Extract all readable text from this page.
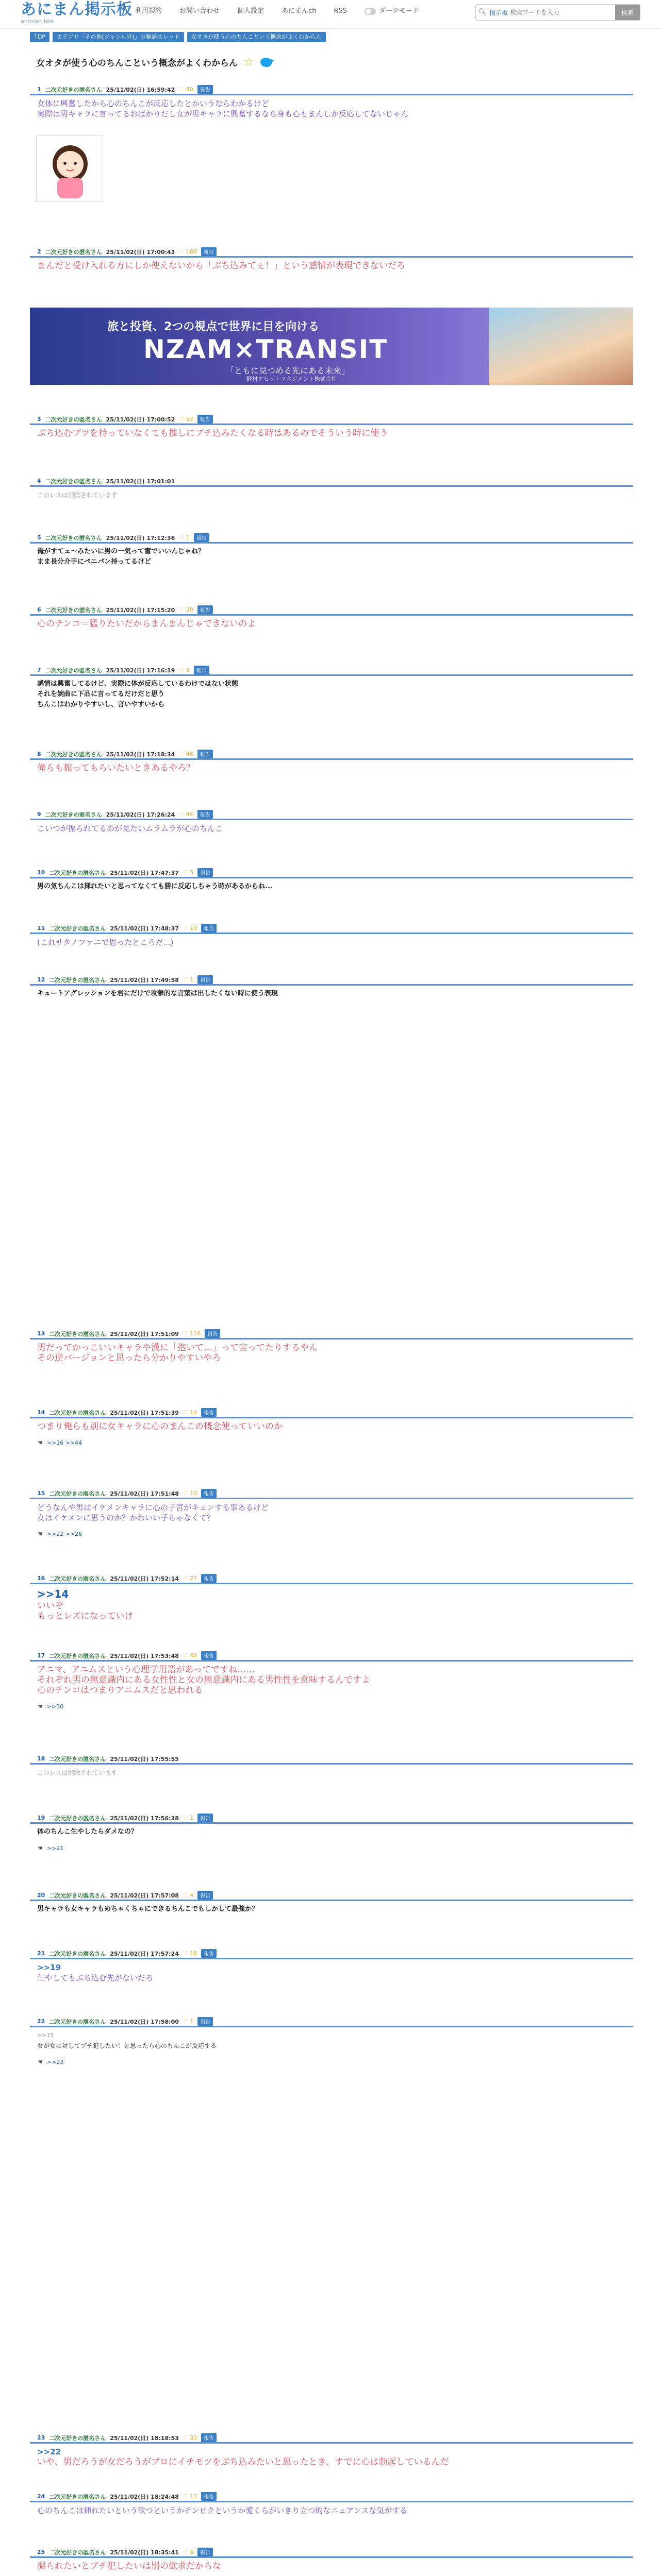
あにまん掲示板
animan bbs
利用規約	お問い合わせ	個人設定	あにまんch	RSS	ダークモード	🔍︎ 掲示板
検索ワードを入力	検索
TOP	カテゴリ「その他(ジャンル外)」の雑談スレッド	女オタが使う心のちんこという概念がよくわからん
女オタが使う心のちんこという概念がよくわからん ☆
1 二次元好きの匿名さん 25/11/02(日) 16:59:42 ♡ 40	報告
女体に興奮したから心のちんこが反応したとかいうならわかるけど
実際は男キャラに言ってるおばかりだし女が男キャラに興奮するなら身も心もまんしか反応してないじゃん
2 二次元好きの匿名さん 25/11/02(日) 17:00:43 ♡ 168	報告
まんだと受け入れる方にしか使えないから「ぶち込みてぇ！」という感情が表現できないだろ
旅と投資、2つの視点で世界に目を向ける
NZAM×TRANSIT
「ともに見つめる先にある未来」
野村アセットマネジメント株式会社
3 二次元好きの匿名さん 25/11/02(日) 17:00:52 ♡ 53	報告
ぶち込むブツを持っていなくても推しにブチ込みたくなる時はあるのでそういう時に使う
4 二次元好きの匿名さん 25/11/02(日) 17:01:01
このレスは削除されています
5 二次元好きの匿名さん 25/11/02(日) 17:12:36 ♡ 1	報告
俺がすてェ～みたいに男の一気って奮でいいんじゃね？
まま長分介手にペニパン持ってるけど
6 二次元好きの匿名さん 25/11/02(日) 17:15:20 ♡ 30	報告
心のチンコ＝猛りたいだからまんまんじゃできないのよ
7 二次元好きの匿名さん 25/11/02(日) 17:16:19 ♡ 3	報告
感情は興奮してるけど、実際に体が反応しているわけではない状態
それを婉曲に下品に言ってるだけだと思う
ちんこはわかりやすいし、言いやすいから
8 二次元好きの匿名さん 25/11/02(日) 17:18:34 ♡ 48	報告
俺らも振ってもらいたいときあるやろ？
9 二次元好きの匿名さん 25/11/02(日) 17:26:24 ♡ 44	報告
こいつが振られてるのが見たいムラムラが心のちんこ
10 二次元好きの匿名さん 25/11/02(日) 17:47:37 ♡ 5	報告
男の気ちんこは揮れたいと思ってなくても勝に反応しちゃう時があるからね...
11 二次元好きの匿名さん 25/11/02(日) 17:48:37 ♡ 19	報告
(これサタノファニで思ったところだ...)
12 二次元好きの匿名さん 25/11/02(日) 17:49:58 ♡ 1	報告
キュートアグレッションを君にだけで攻撃的な言葉は出したくない時に使う表現
13 二次元好きの匿名さん 25/11/02(日) 17:51:09 ♡ 116	報告
男だってかっこいいキャラや漢に「抱いて…」って言ってたりするやん
その逆バージョンと思ったら分かりやすいやろ
14 二次元好きの匿名さん 25/11/02(日) 17:51:39 ♡ 14	報告
つまり俺らも別に女キャラに心のまんこの概念使っていいのか
☚ >>16 >>44
15 二次元好きの匿名さん 25/11/02(日) 17:51:48 ♡ 10	報告
どうなんや男はイケメンキャラに心の子宮がキュンする事あるけど
女はイケメンに思うのか？かわいい子ちゃなくて？
☚ >>22 >>26
16 二次元好きの匿名さん 25/11/02(日) 17:52:14 ♡ 27	報告
>>14
いいぞ
もっとレズになっていけ
17 二次元好きの匿名さん 25/11/02(日) 17:53:48 ♡ 40	報告
アニマ、アニムスという心理学用語があってですね……
それぞれ男の無意識内にある女性性と女の無意識内にある男性性を意味するんですよ
心のチンコはつまりアニムスだと思われる
☚ >>30
18 二次元好きの匿名さん 25/11/02(日) 17:55:55
このレスは削除されています
19 二次元好きの匿名さん 25/11/02(日) 17:56:38 ♡ 1	報告
体のちんこ生やしたらダメなの？
☚ >>21
20 二次元好きの匿名さん 25/11/02(日) 17:57:08 ♡ 4	報告
男キャラも女キャラもめちゃくちゃにできるちんこでもしかして最強か？
21 二次元好きの匿名さん 25/11/02(日) 17:57:24 ♡ 18	報告
>>19
生やしてもぶち込む先がないだろ
22 二次元好きの匿名さん 25/11/02(日) 17:58:00 ♡ 1	報告
>>15
女が女に対してブチ犯したい！と思ったら心のちんこが反応する
☚ >>23
23 二次元好きの匿名さん 25/11/02(日) 18:18:53 ♡ 33	報告
>>22
いや、男だろうが女だろうがブロにイチモツをぶち込みたいと思ったとき、すでに心は勃起しているんだ
24 二次元好きの匿名さん 25/11/02(日) 18:24:48 ♡ 13	報告
心のちんこは挿れたいという欲つというかチンピクというか愛くらがいきり立つ的なニュアンスな気がする
25 二次元好きの匿名さん 25/11/02(日) 18:35:41 ♡ 5	報告
掘られたいとブチ犯したいは別の欲求だからな
